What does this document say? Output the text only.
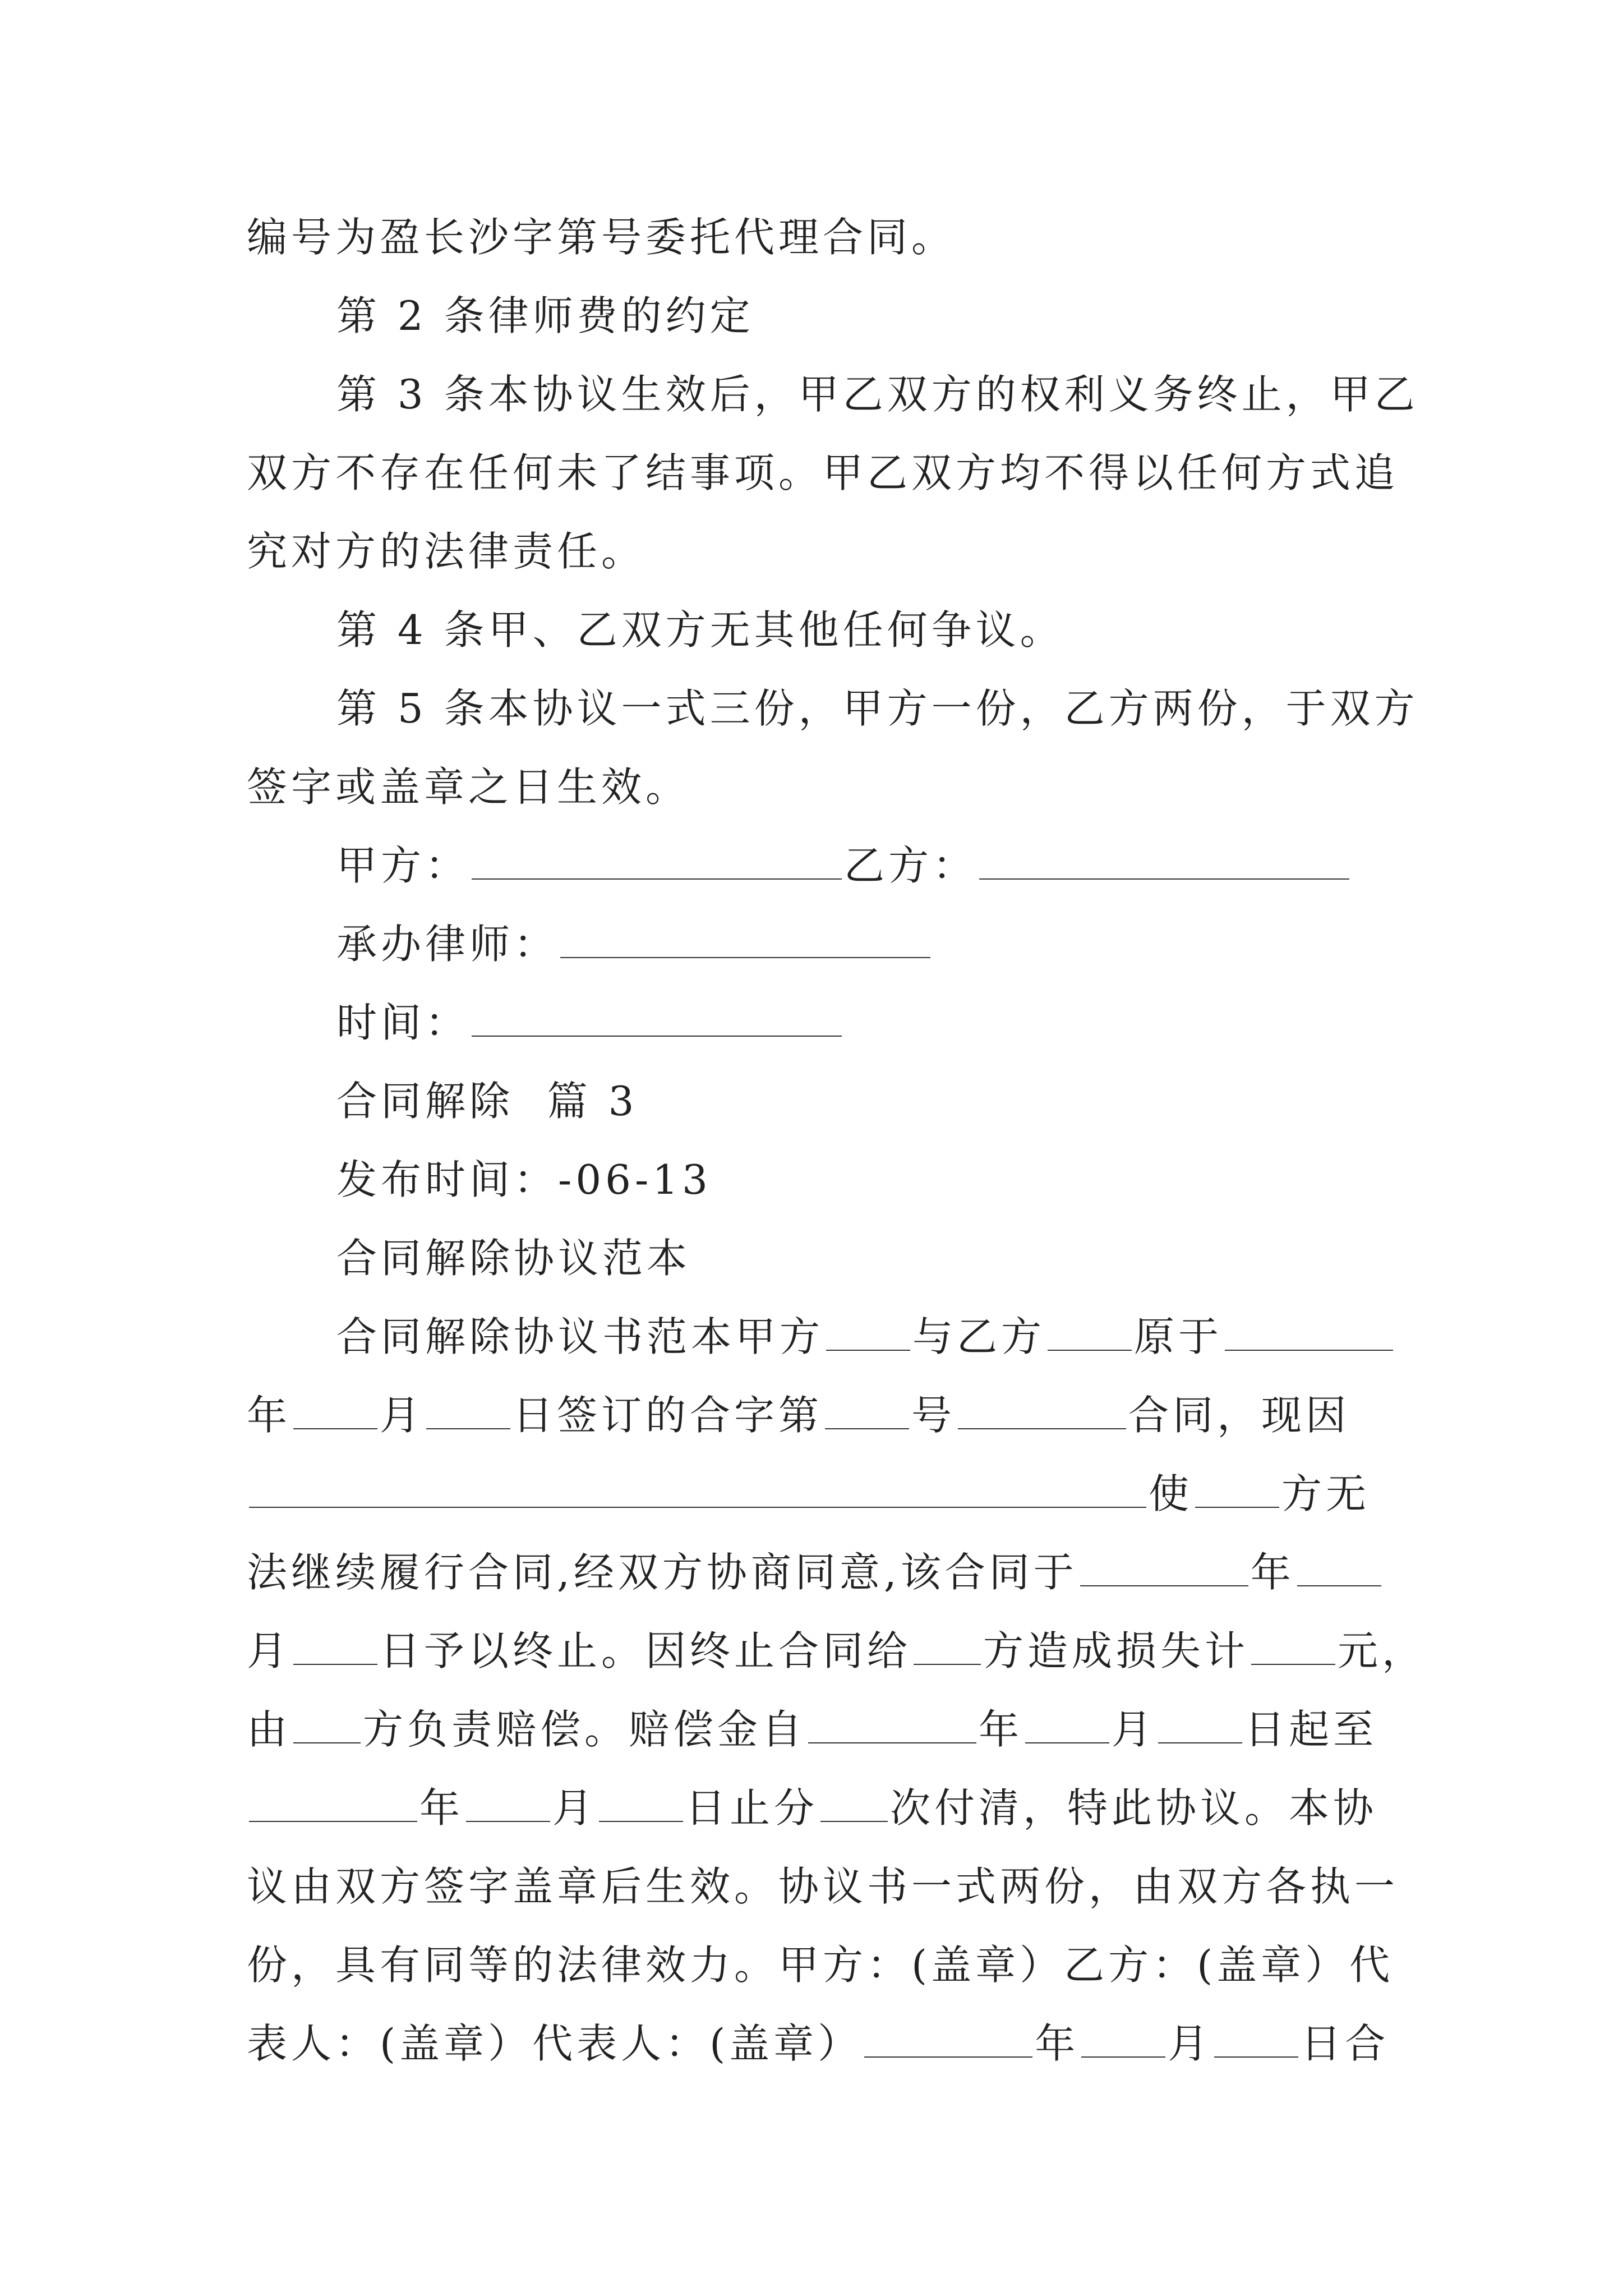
编号为盈长沙字第号委托代理合同。
第 2 条律师费的约定
第 3 条本协议生效后，甲乙双方的权利义务终止，甲乙
双方不存在任何未了结事项。甲乙双方均不得以任何方式追
究对方的法律责任。
第 4 条甲、乙双方无其他任何争议。
第 5 条本协议一式三份，甲方一份，乙方两份，于双方
签字或盖章之日生效。
甲方：	乙方：
承办律师：
时间：
合同解除  篇 3
发布时间：-06-13
合同解除协议范本
合同解除协议书范本甲方 与乙方 原于
年 月 日签订的合字第 号	合同，现因
使 方无
法继续履行合同,经双方协商同意,该合同于	年
月 日予以终止。因终止合同给 方造成损失计 元，
由 方负责赔偿。赔偿金自	年 月 日起至
年 月 日止分 次付清，特此协议。本协
议由双方签字盖章后生效。协议书一式两份，由双方各执一
份，具有同等的法律效力。甲方：(盖章）乙方：(盖章）代
表人：(盖章）代表人：(盖章）	年 月 日合
